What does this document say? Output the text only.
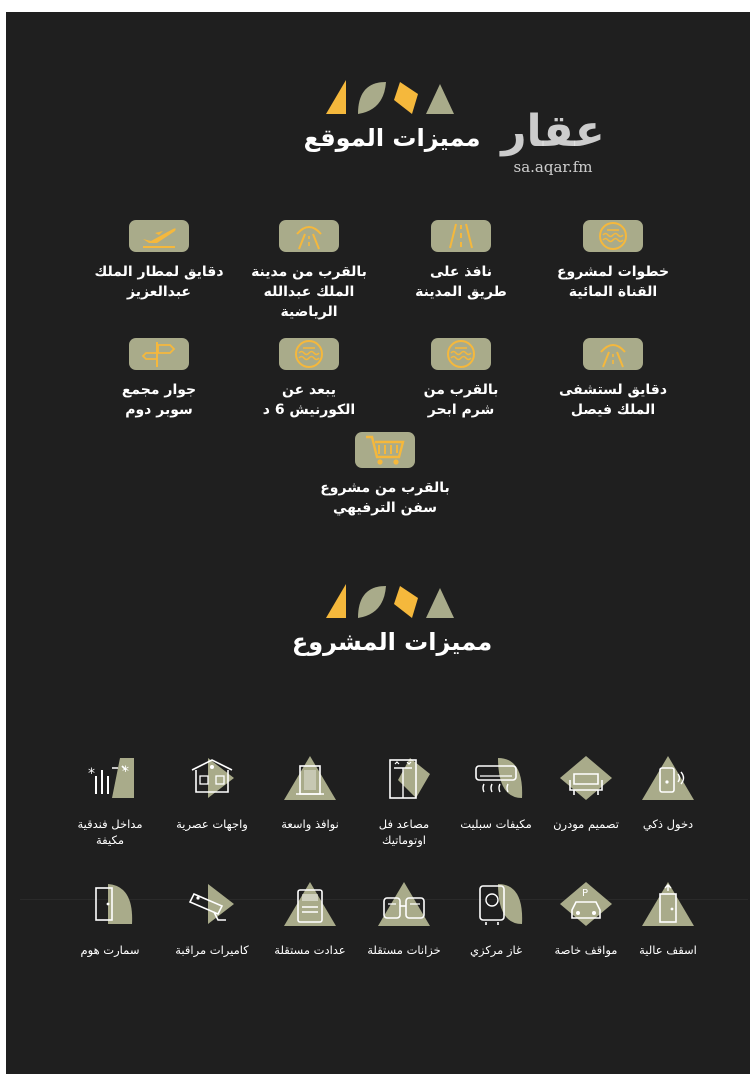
مميزات الموقع عقار
sa.aqar.fm
خطوات لمشروع
القناة المائية
نافذ على
طريق المدينة
بالقرب من مدينة
الملك عبدالله الرياضية
دقايق لمطار الملك
عبدالعزيز
دقايق لستشفى
الملك فيصل
بالقرب من
شرم ابحر
يبعد عن
الكورنيش 6 د
جوار مجمع
سوبر دوم
بالقرب من مشروع
سفن الترفيهي
مميزات المشروع
دخول ذكي
تصميم مودرن
مكيفات سبليت
مصاعد فل
اوتوماتيك
نوافذ واسعة
واجهات عصرية
* *
مداخل فندقية مكيفة
اسقف عالية
P
مواقف خاصة
غاز مركزي
خزانات مستقلة
عدادت مستقلة
كاميرات مراقبة
سمارت هوم
